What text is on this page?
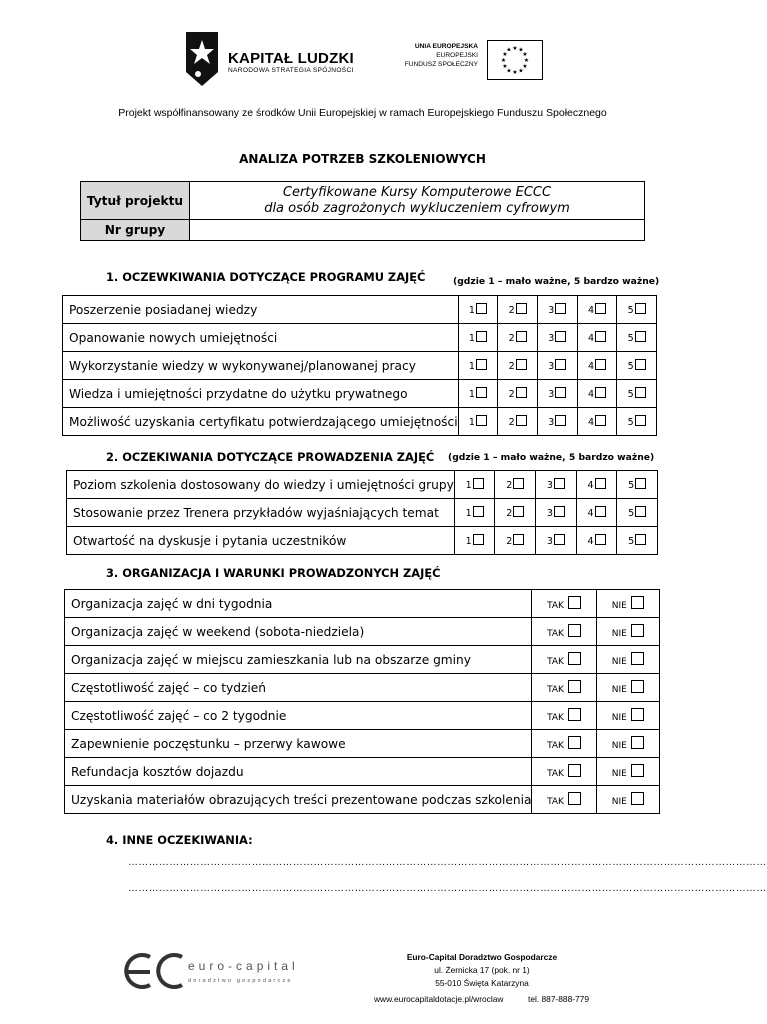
KAPITAŁ LUDZKI
NARODOWA STRATEGIA SPÓJNOŚCI
UNIA EUROPEJSKA
EUROPEJSKI
FUNDUSZ SPOŁECZNY
★ ★
★
★
★
★
★
★
★
★
★
★
Projekt współfinansowany ze środków Unii Europejskiej w ramach Europejskiego Funduszu Społecznego
ANALIZA POTRZEB SZKOLENIOWYCH
Tytuł projektu	Certyfikowane Kursy Komputerowe ECCC
dla osób zagrożonych wykluczeniem cyfrowym

Nr grupy	
1. OCZEWKIWANIA DOTYCZĄCE PROGRAMU ZAJĘĆ	(gdzie 1 – mało ważne, 5 bardzo ważne)
Poszerzenie posiadanej wiedzy	1	2	3	4	5
Opanowanie nowych umiejętności	1	2	3	4	5
Wykorzystanie wiedzy w wykonywanej/planowanej pracy	1	2	3	4	5
Wiedza i umiejętności przydatne do użytku prywatnego	1	2	3	4	5
Możliwość uzyskania certyfikatu potwierdzającego umiejętności	1	2	3	4	5
2. OCZEKIWANIA DOTYCZĄCE PROWADZENIA ZAJĘĆ (gdzie 1 – mało ważne, 5 bardzo ważne)
Poziom szkolenia dostosowany do wiedzy i umiejętności grupy	1	2	3	4	5
Stosowanie przez Trenera przykładów wyjaśniających temat	1	2	3	4	5
Otwartość na dyskusje i pytania uczestników	1	2	3	4	5
3. ORGANIZACJA I WARUNKI PROWADZONYCH ZAJĘĆ
Organizacja zajęć w dni tygodnia	TAK	NIE
Organizacja zajęć w weekend (sobota-niedziela)	TAK	NIE
Organizacja zajęć w miejscu zamieszkania lub na obszarze gminy	TAK	NIE
Częstotliwość zajęć – co tydzień	TAK	NIE
Częstotliwość zajęć – co 2 tygodnie	TAK	NIE
Zapewnienie poczęstunku – przerwy kawowe	TAK	NIE
Refundacja kosztów dojazdu	TAK	NIE
Uzyskania materiałów obrazujących treści prezentowane podczas szkolenia	TAK	NIE
4. INNE OCZEKIWANIA:
……………………………………………………………………………………………………………………………………………………………………
……………………………………………………………………………………………………………………………………………………………………
euro-capital
doradztwo gospodarcze
Euro-Capital Doradztwo Gospodarcze
ul. Żernicka 17 (pok. nr 1)
55-010 Święta Katarzyna
www.eurocapitaldotacje.pl/wroclaw	tel. 887-888-779
